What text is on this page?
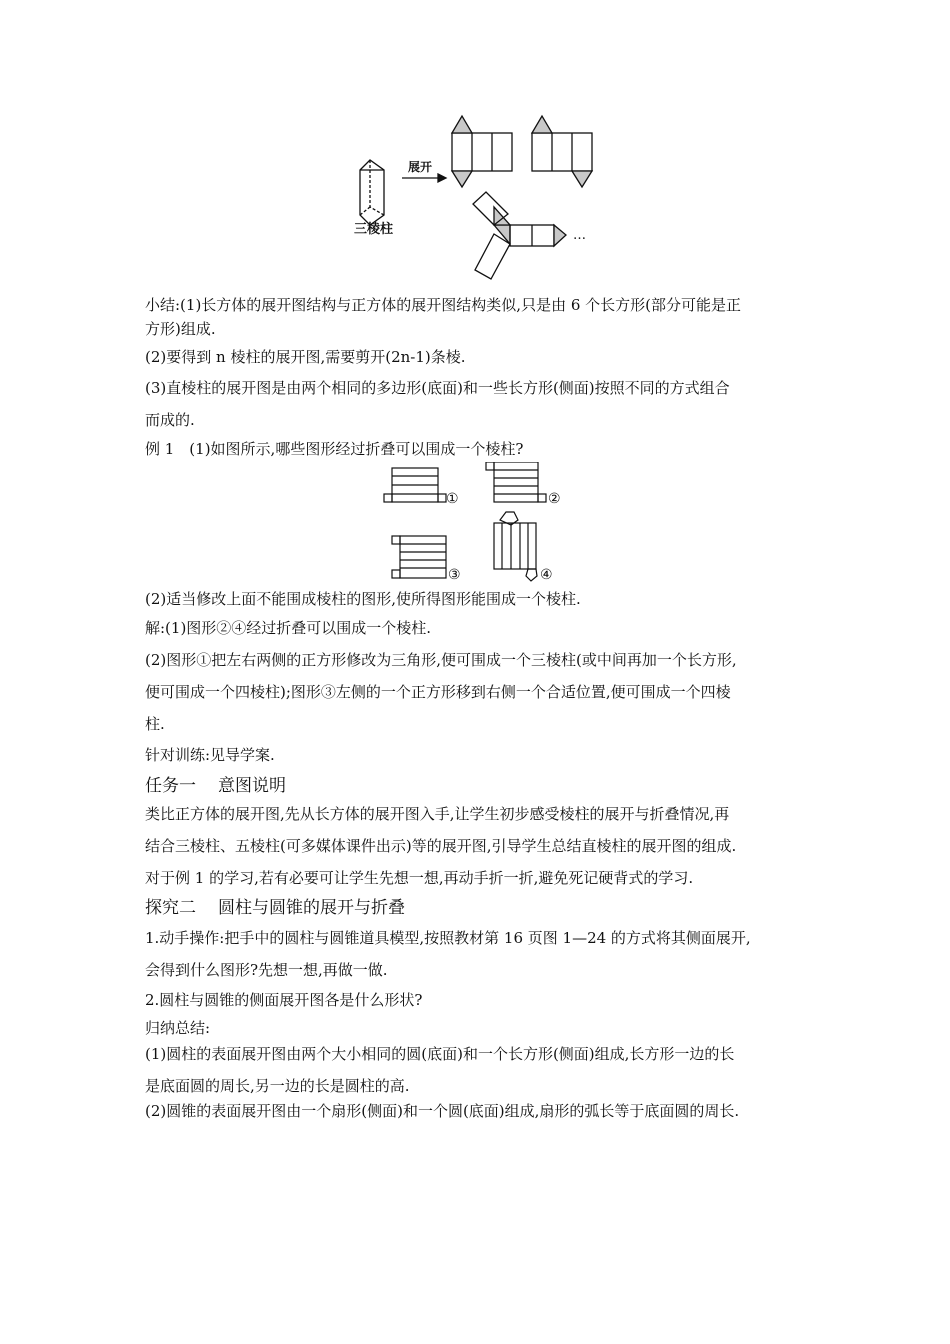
三棱柱
展开
…

小结:(1)长方体的展开图结构与正方体的展开图结构类似,只是由 6 个长方形(部分可能是正
方形)组成.

(2)要得到 n 棱柱的展开图,需要剪开(2n-1)条棱.

(3)直棱柱的展开图是由两个相同的多边形(底面)和一些长方形(侧面)按照不同的方式组合
而成的.

例 1　(1)如图所示,哪些图形经过折叠可以围成一个棱柱?

①	②
③	④

(2)适当修改上面不能围成棱柱的图形,使所得图形能围成一个棱柱.

解:(1)图形②④经过折叠可以围成一个棱柱.

(2)图形①把左右两侧的正方形修改为三角形,便可围成一个三棱柱(或中间再加一个长方形,
便可围成一个四棱柱);图形③左侧的一个正方形移到右侧一个合适位置,便可围成一个四棱
柱.

针对训练:见导学案.

任务一 意图说明

类比正方体的展开图,先从长方体的展开图入手,让学生初步感受棱柱的展开与折叠情况,再
结合三棱柱、五棱柱(可多媒体课件出示)等的展开图,引导学生总结直棱柱的展开图的组成.
对于例 1 的学习,若有必要可让学生先想一想,再动手折一折,避免死记硬背式的学习.

探究二 圆柱与圆锥的展开与折叠

1.动手操作:把手中的圆柱与圆锥道具模型,按照教材第 16 页图 1—24 的方式将其侧面展开,
会得到什么图形?先想一想,再做一做.

2.圆柱与圆锥的侧面展开图各是什么形状?

归纳总结:

(1)圆柱的表面展开图由两个大小相同的圆(底面)和一个长方形(侧面)组成,长方形一边的长
是底面圆的周长,另一边的长是圆柱的高.

(2)圆锥的表面展开图由一个扇形(侧面)和一个圆(底面)组成,扇形的弧长等于底面圆的周长.
